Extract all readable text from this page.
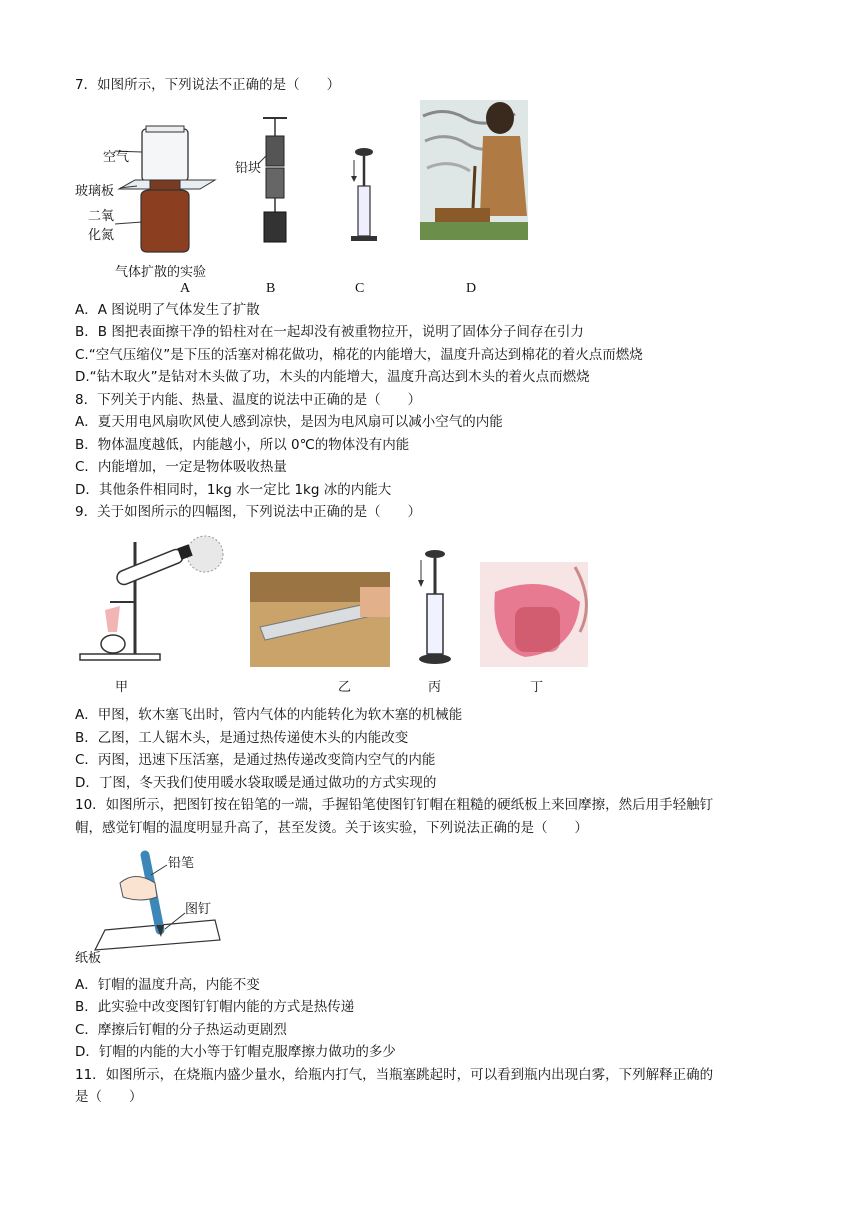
7．如图所示，下列说法不正确的是（　　）
空气
玻璃板
二氧
化氮
铅块
气体扩散的实验
A	B	C	D
A．A 图说明了气体发生了扩散
B．B 图把表面擦干净的铅柱对在一起却没有被重物拉开，说明了固体分子间存在引力
C.“空气压缩仪”是下压的活塞对棉花做功，棉花的内能增大，温度升高达到棉花的着火点而燃烧
D.“钻木取火”是钻对木头做了功，木头的内能增大，温度升高达到木头的着火点而燃烧
8．下列关于内能、热量、温度的说法中正确的是（　　）
A．夏天用电风扇吹风使人感到凉快，是因为电风扇可以减小空气的内能
B．物体温度越低，内能越小，所以 0℃的物体没有内能
C．内能增加，一定是物体吸收热量
D．其他条件相同时，1kg 水一定比 1kg 冰的内能大
9．关于如图所示的四幅图，下列说法中正确的是（　　）
甲	乙	丙	丁
A．甲图，软木塞飞出时，管内气体的内能转化为软木塞的机械能
B．乙图，工人锯木头，是通过热传递使木头的内能改变
C．丙图，迅速下压活塞，是通过热传递改变筒内空气的内能
D．丁图，冬天我们使用暖水袋取暖是通过做功的方式实现的
10．如图所示，把图钉按在铅笔的一端，手握铅笔使图钉钉帽在粗糙的硬纸板上来回摩擦，然后用手轻触钉
帽，感觉钉帽的温度明显升高了，甚至发烫。关于该实验，下列说法正确的是（　　）
铅笔
图钉
纸板
A．钉帽的温度升高，内能不变
B．此实验中改变图钉钉帽内能的方式是热传递
C．摩擦后钉帽的分子热运动更剧烈
D．钉帽的内能的大小等于钉帽克服摩擦力做功的多少
11．如图所示，在烧瓶内盛少量水，给瓶内打气，当瓶塞跳起时，可以看到瓶内出现白雾，下列解释正确的
是（　　）
